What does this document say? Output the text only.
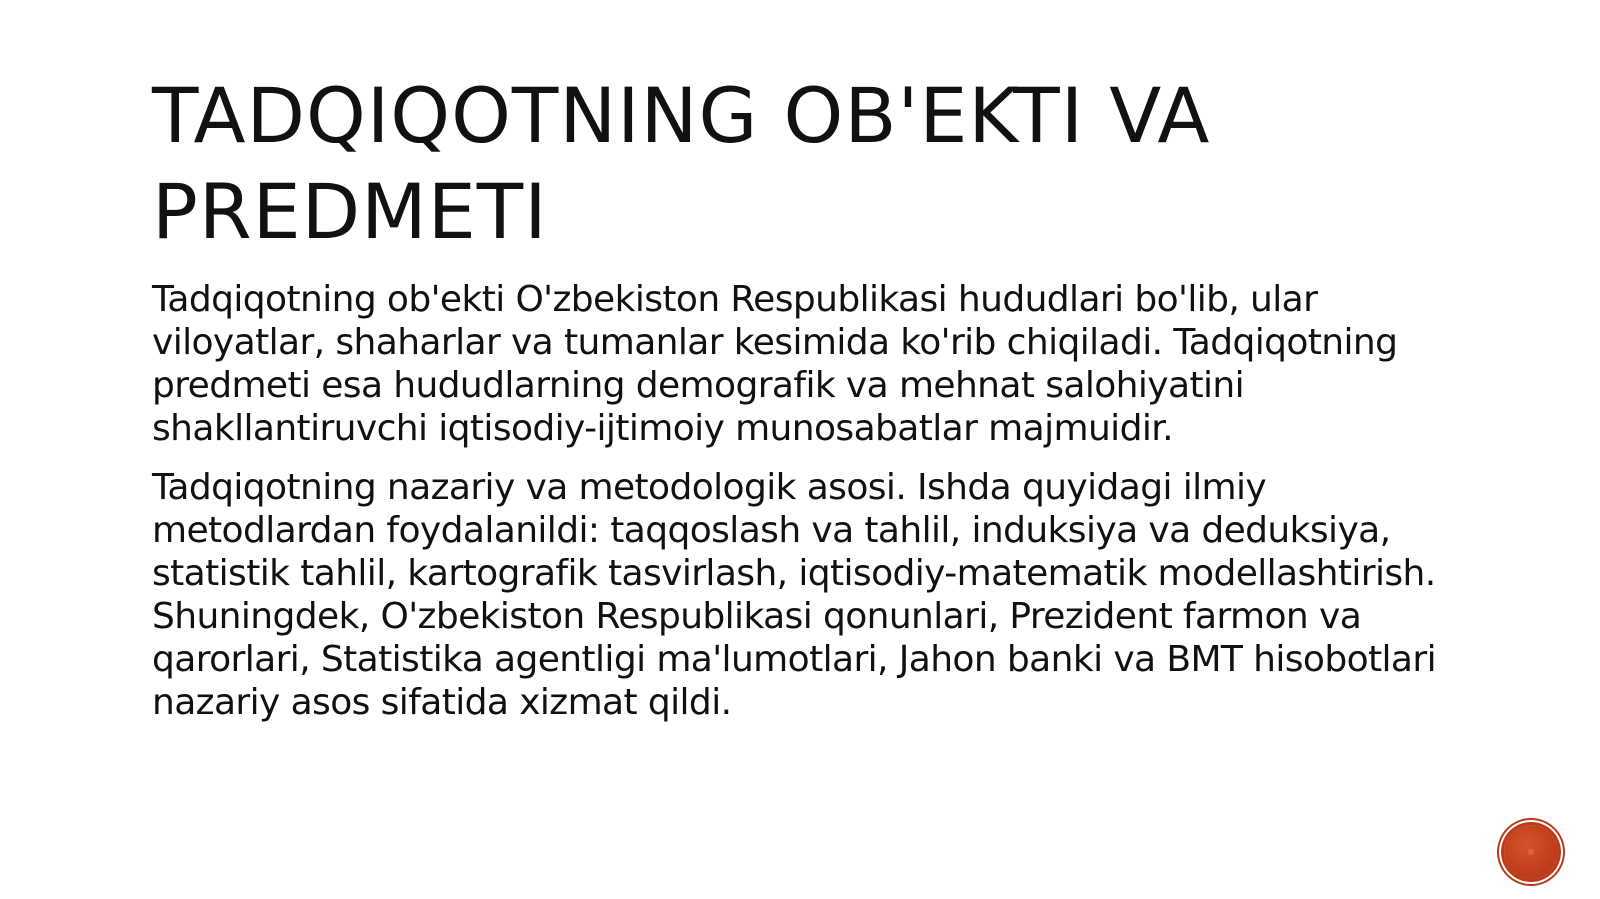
TADQIQOTNING OB'EKTI VA PREDMETI

Tadqiqotning ob'ekti O'zbekiston Respublikasi hududlari bo'lib, ular viloyatlar, shaharlar va tumanlar kesimida ko'rib chiqiladi. Tadqiqotning predmeti esa hududlarning demografik va mehnat salohiyatini shakllantiruvchi iqtisodiy-ijtimoiy munosabatlar majmuidir.

Tadqiqotning nazariy va metodologik asosi. Ishda quyidagi ilmiy metodlardan foydalanildi: taqqoslash va tahlil, induksiya va deduksiya, statistik tahlil, kartografik tasvirlash, iqtisodiy-matematik modellashtirish. Shuningdek, O'zbekiston Respublikasi qonunlari, Prezident farmon va qarorlari, Statistika agentligi ma'lumotlari, Jahon banki va BMT hisobotlari nazariy asos sifatida xizmat qildi.
